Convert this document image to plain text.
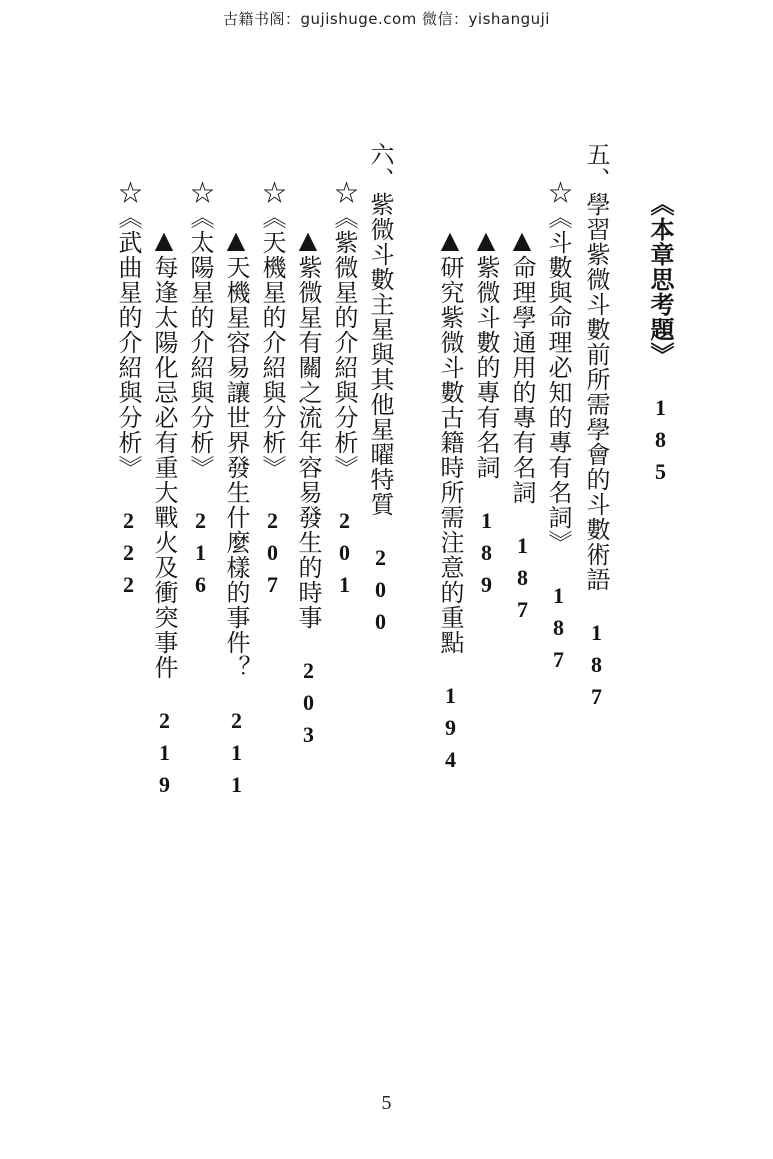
古籍书阁：gujishuge.com 微信：yishanguji
《本章思考題》185
五、學習紫微斗數前所需學會的斗數術語187
☆《斗數與命理必知的專有名詞》187
▲命理學通用的專有名詞187
▲紫微斗數的專有名詞189
▲研究紫微斗數古籍時所需注意的重點194
六、紫微斗數主星與其他星曜特質200
☆《紫微星的介紹與分析》201
▲紫微星有關之流年容易發生的時事203
☆《天機星的介紹與分析》207
▲天機星容易讓世界發生什麼樣的事件？211
☆《太陽星的介紹與分析》216
▲每逢太陽化忌必有重大戰火及衝突事件219
☆《武曲星的介紹與分析》222
5
